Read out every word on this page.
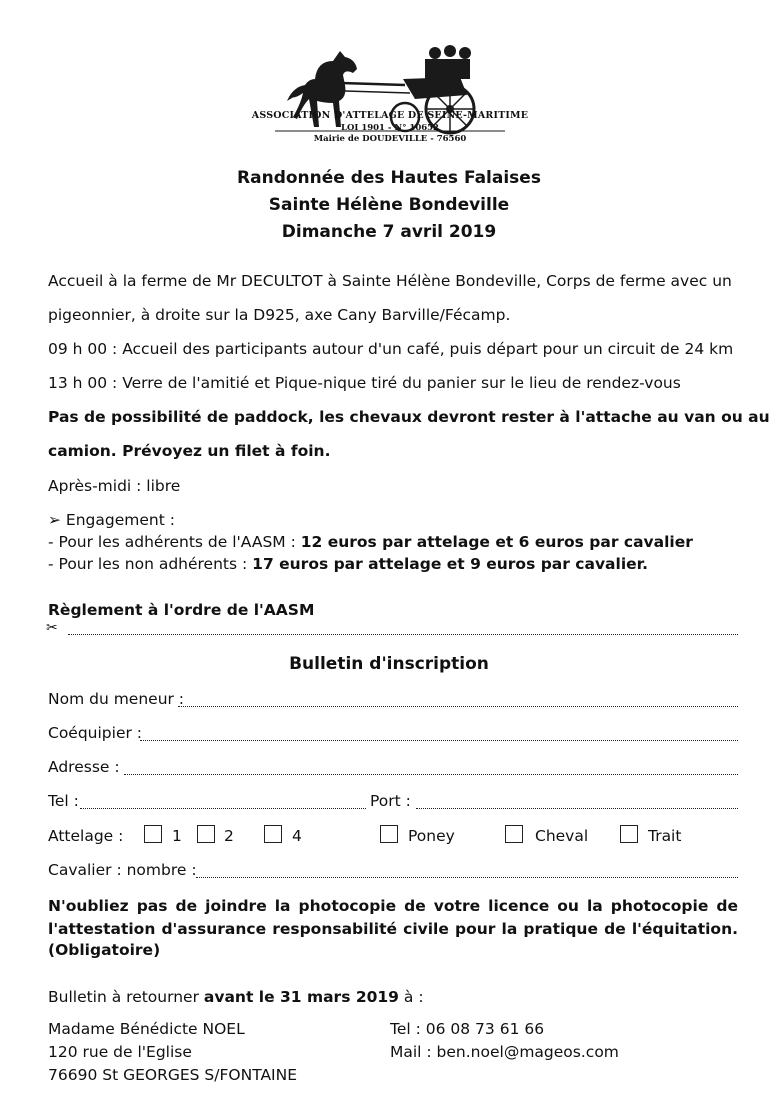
ASSOCIATION D'ATTELAGE DE SEINE-MARITIME
LOI 1901 - N° 10652
Mairie de DOUDEVILLE - 76560
Randonnée des Hautes Falaises
Sainte Hélène Bondeville
Dimanche 7 avril 2019
Accueil à la ferme de Mr DECULTOT à Sainte Hélène Bondeville, Corps de ferme avec un
pigeonnier, à droite sur la D925, axe Cany Barville/Fécamp.
09 h 00 : Accueil des participants autour d'un café, puis départ pour un circuit de 24 km
13 h 00 : Verre de l'amitié et Pique-nique tiré du panier sur le lieu de rendez-vous
Pas de possibilité de paddock, les chevaux devront rester à l'attache au van ou au
camion. Prévoyez un filet à foin.
Après-midi : libre
➢ Engagement :
- Pour les adhérents de l'AASM : 12 euros par attelage et 6 euros par cavalier
- Pour les non adhérents : 17 euros par attelage et 9 euros par cavalier.
Règlement à l'ordre de l'AASM
✂
Bulletin d'inscription
Nom du meneur :
Coéquipier :
Adresse :
Tel :	Port :
Attelage :	1	2	4	Poney	Cheval	Trait
Cavalier : nombre :
N'oubliez pas de joindre la photocopie de votre licence ou la photocopie de
l'attestation d'assurance responsabilité civile pour la pratique de l'équitation.
(Obligatoire)
Bulletin à retourner avant le 31 mars 2019 à :
Madame Bénédicte NOEL
120 rue de l'Eglise
76690 St GEORGES S/FONTAINE
Tel : 06 08 73 61 66
Mail : ben.noel@mageos.com
